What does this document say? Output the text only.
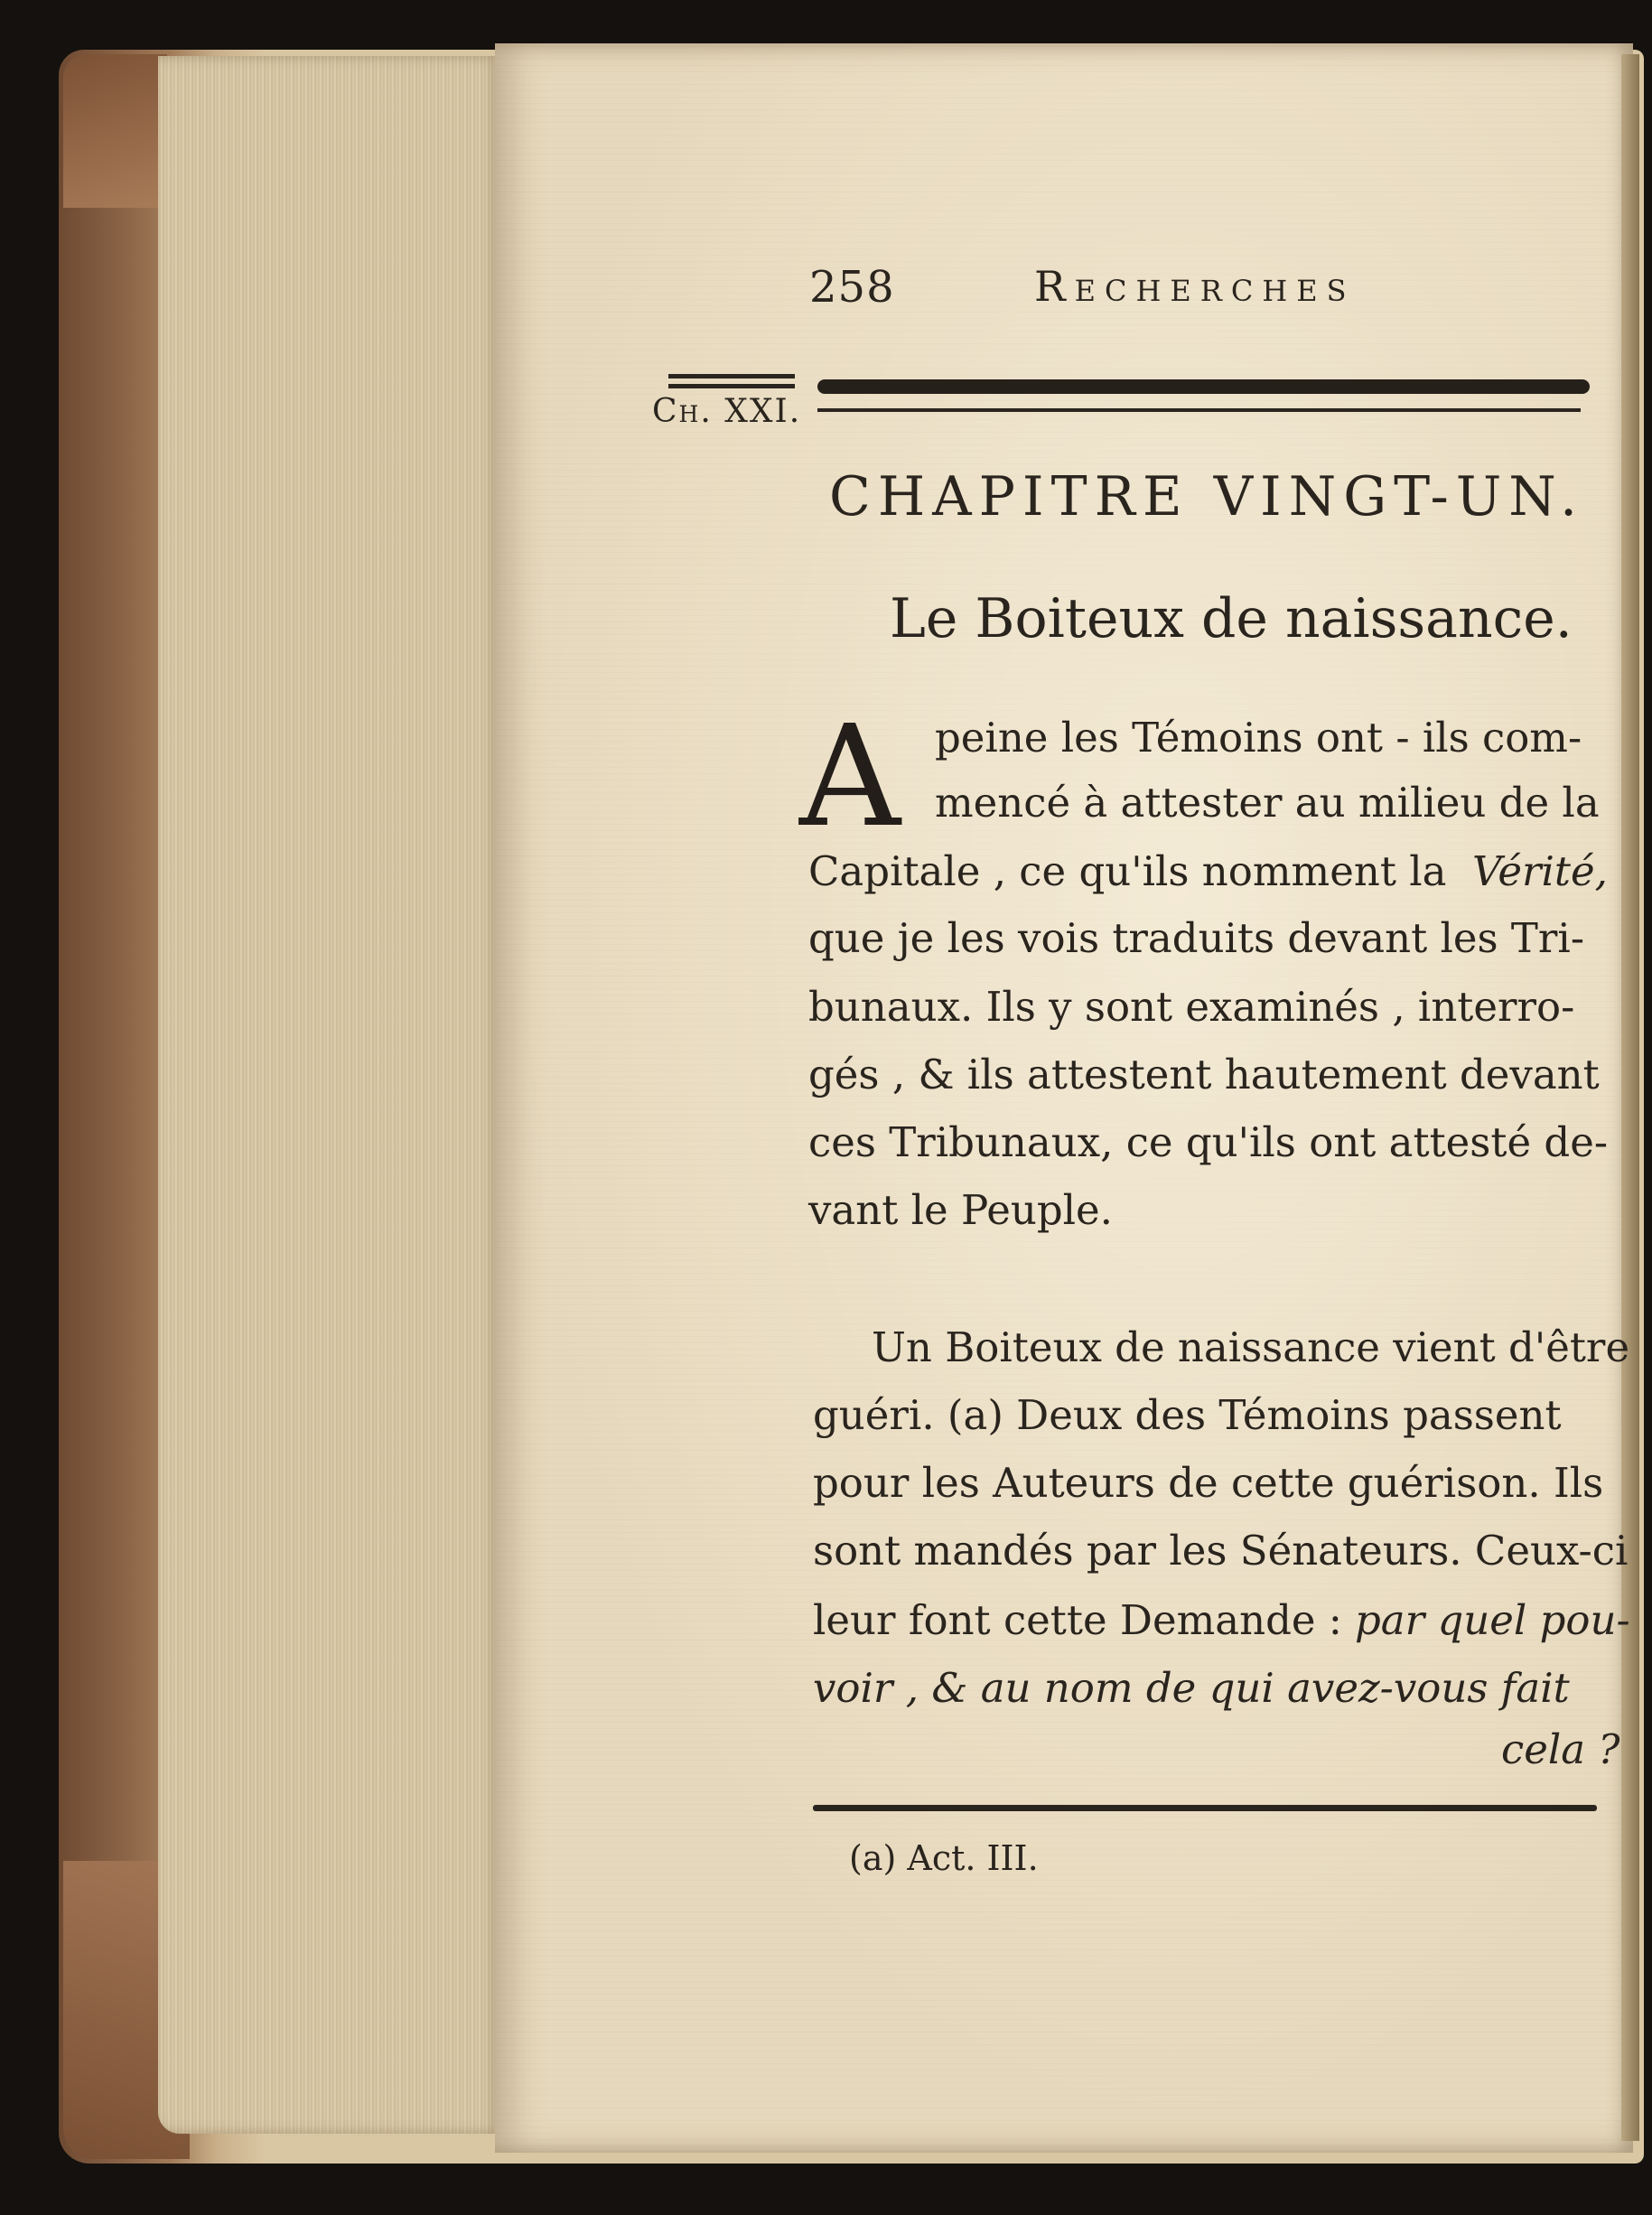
258	Recherches
Ch. XXI.
CHAPITRE VINGT-UN.
Le Boiteux de naissance.
A peine les Témoins ont - ils com-
mencé à attester au milieu de la
Capitale , ce qu'ils nomment la Vérité,
que je les vois traduits devant les Tri-
bunaux. Ils y sont examinés , interro-
gés , & ils attestent hautement devant
ces Tribunaux, ce qu'ils ont attesté de-
vant le Peuple.
Un Boiteux de naissance vient d'être
guéri. (a) Deux des Témoins passent
pour les Auteurs de cette guérison. Ils
sont mandés par les Sénateurs. Ceux-ci
leur font cette Demande : par quel pou-
voir , & au nom de qui avez-vous fait
cela ?
(a) Act. III.
